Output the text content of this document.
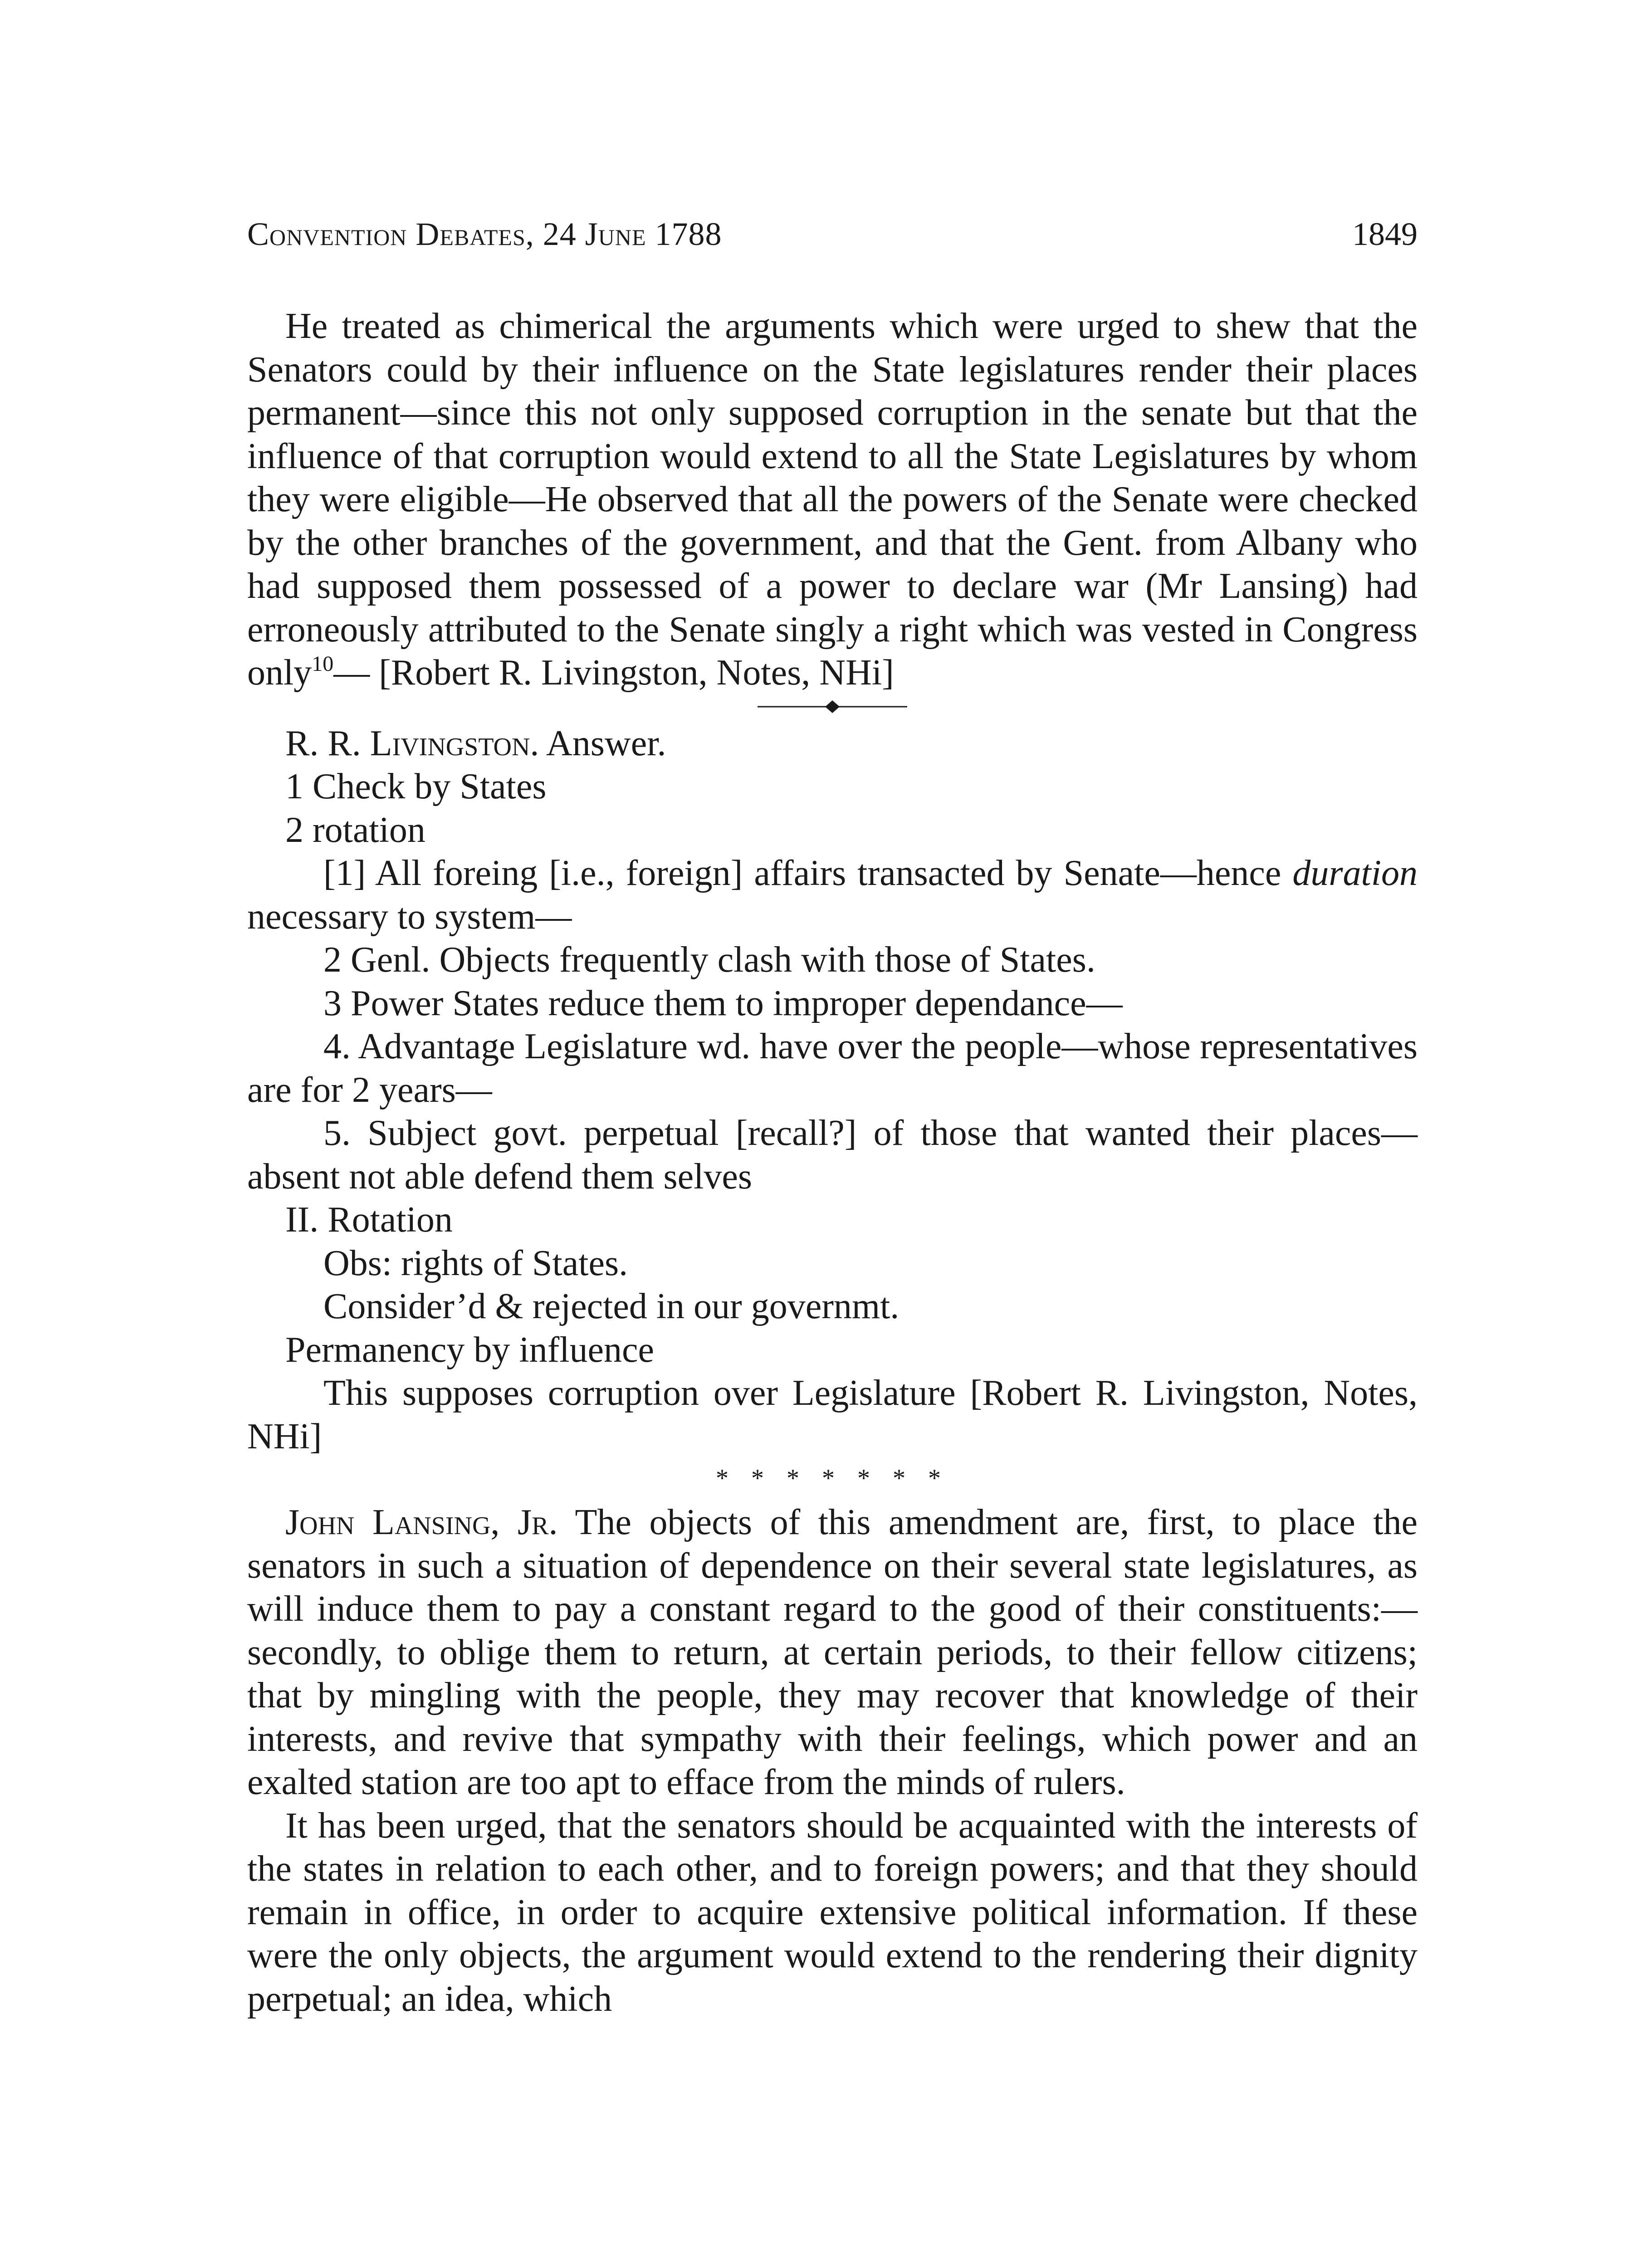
Convention Debates, 24 June 1788	1849

He treated as chimerical the arguments which were urged to shew that the Senators could by their influence on the State legislatures render their places permanent—since this not only supposed corruption in the senate but that the influence of that corruption would extend to all the State Legislatures by whom they were eligible—He observed that all the powers of the Senate were checked by the other branches of the government, and that the Gent. from Albany who had supposed them possessed of a power to declare war (Mr Lansing) had erroneously attributed to the Senate singly a right which was vested in Congress only$^{10}$— [Robert R. Livingston, Notes, NHi]

R. R. Livingston. Answer.
1 Check by States
2 rotation

[1] All foreing [i.e., foreign] affairs transacted by Senate—hence duration necessary to system—

2 Genl. Objects frequently clash with those of States.
3 Power States reduce them to improper dependance—

4. Advantage Legislature wd. have over the people—whose representatives are for 2 years—

5. Subject govt. perpetual [recall?] of those that wanted their places—absent not able defend them selves

II. Rotation
Obs: rights of States.
Consider’d & rejected in our governmt.
Permanency by influence

This supposes corruption over Legislature [Robert R. Livingston, Notes, NHi]

* * * * * * *

John Lansing, Jr. The objects of this amendment are, first, to place the senators in such a situation of dependence on their several state legislatures, as will induce them to pay a constant regard to the good of their constituents:—secondly, to oblige them to return, at certain periods, to their fellow citizens; that by mingling with the people, they may recover that knowledge of their interests, and revive that sympathy with their feelings, which power and an exalted station are too apt to efface from the minds of rulers.

It has been urged, that the senators should be acquainted with the interests of the states in relation to each other, and to foreign powers; and that they should remain in office, in order to acquire extensive political information. If these were the only objects, the argument would extend to the rendering their dignity perpetual; an idea, which
